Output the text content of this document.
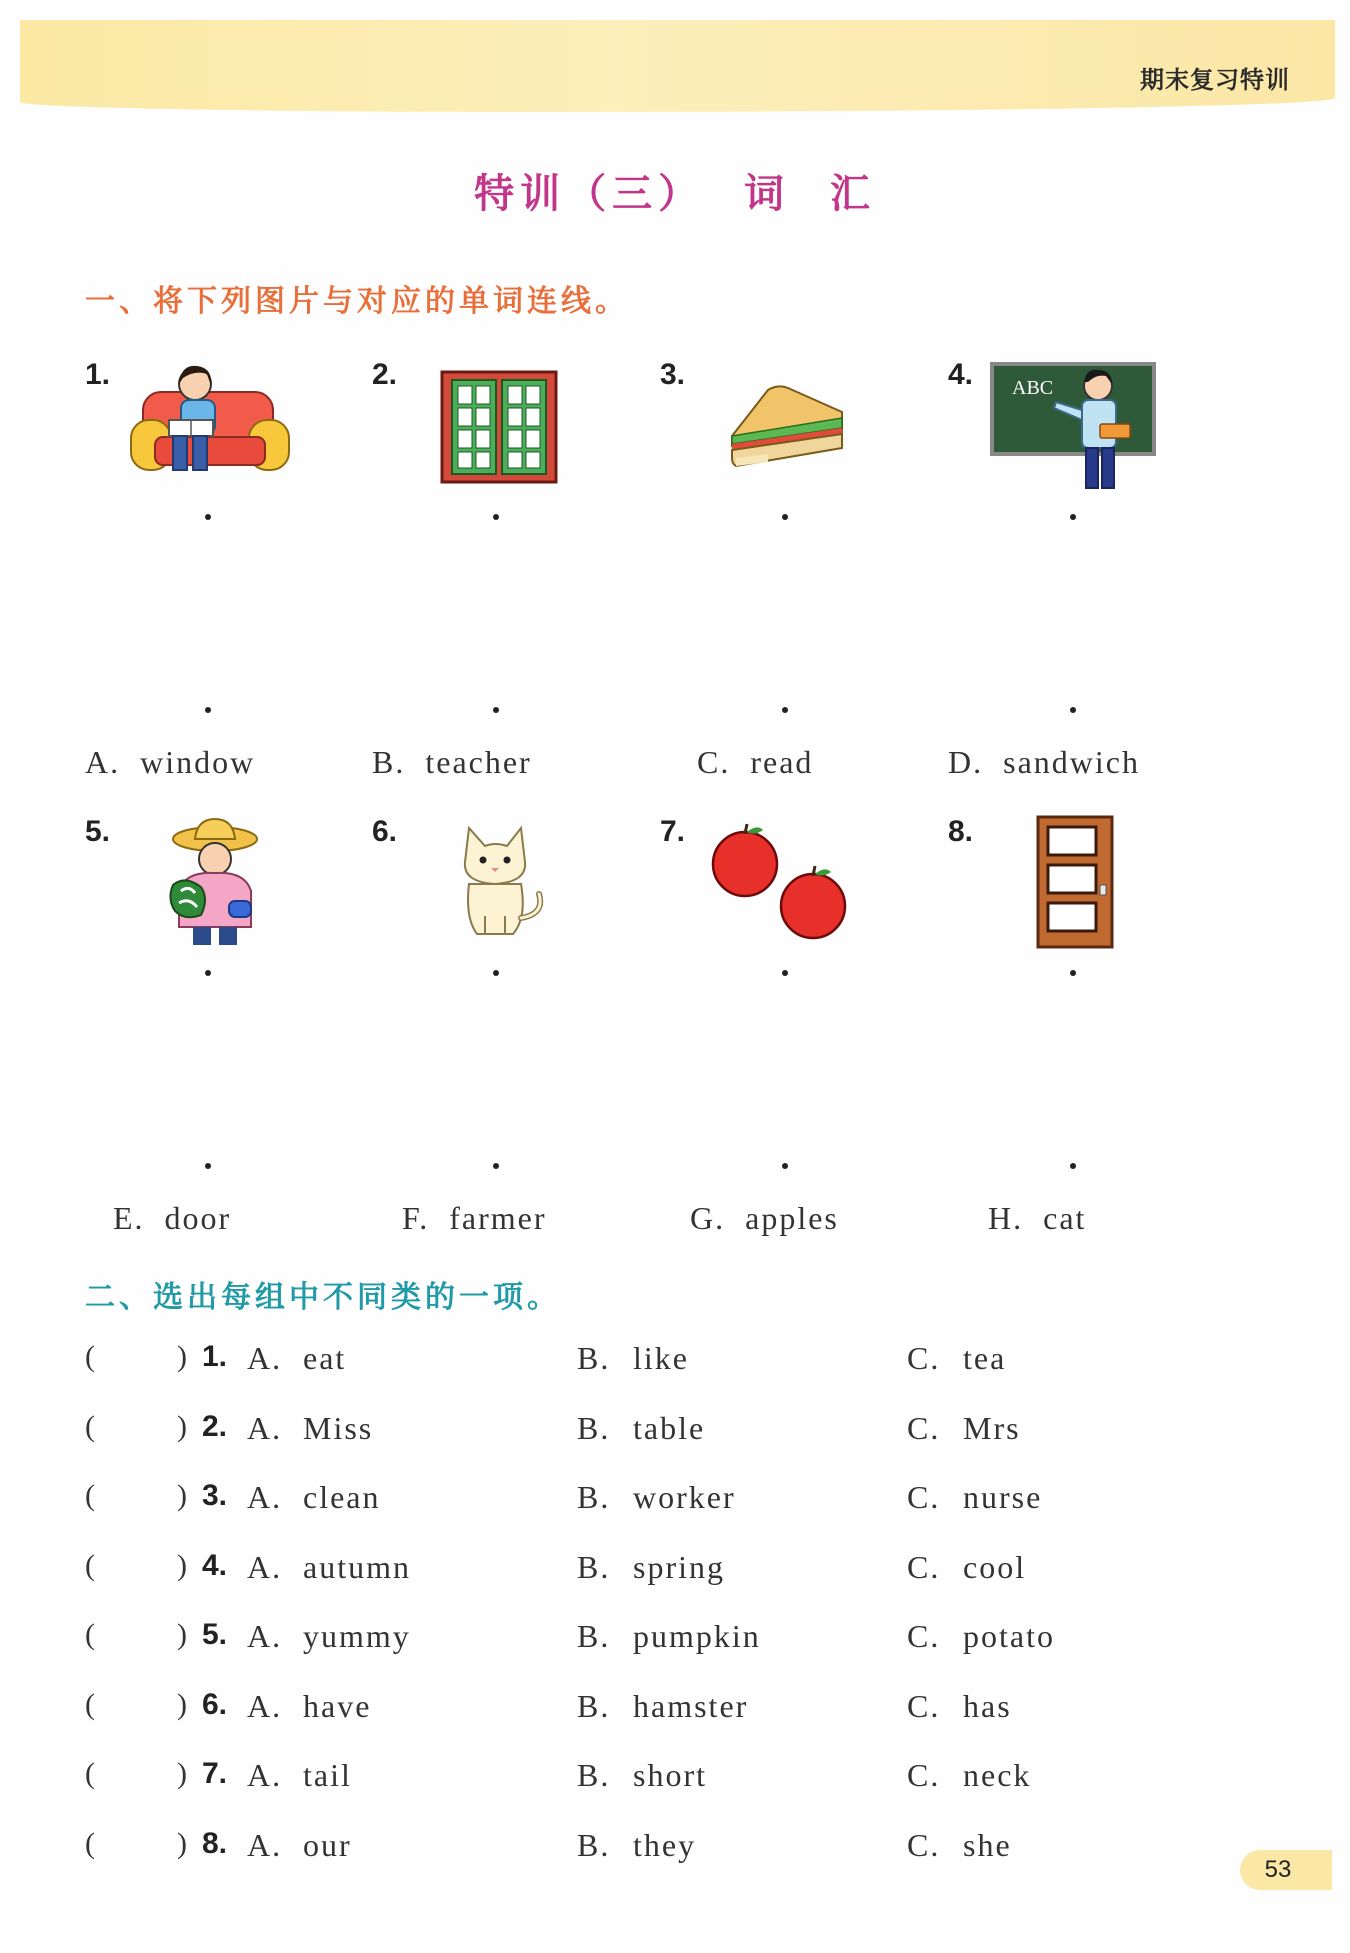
期末复习特训
特训（三）  词  汇
一、将下列图片与对应的单词连线。
1.	2.	3.	4. ABC
A. window	B. teacher	C. read	D. sandwich
5.	6.	7.	8.
E. door	F. farmer	G. apples	H. cat
二、选出每组中不同类的一项。
(	) 1. A. eat	B. like	C. tea
(	) 2. A. Miss	B. table	C. Mrs
(	) 3. A. clean	B. worker	C. nurse
(	) 4. A. autumn	B. spring	C. cool
(	) 5. A. yummy	B. pumpkin	C. potato
(	) 6. A. have	B. hamster	C. has
(	) 7. A. tail	B. short	C. neck
(	) 8. A. our	B. they	C. she
53
